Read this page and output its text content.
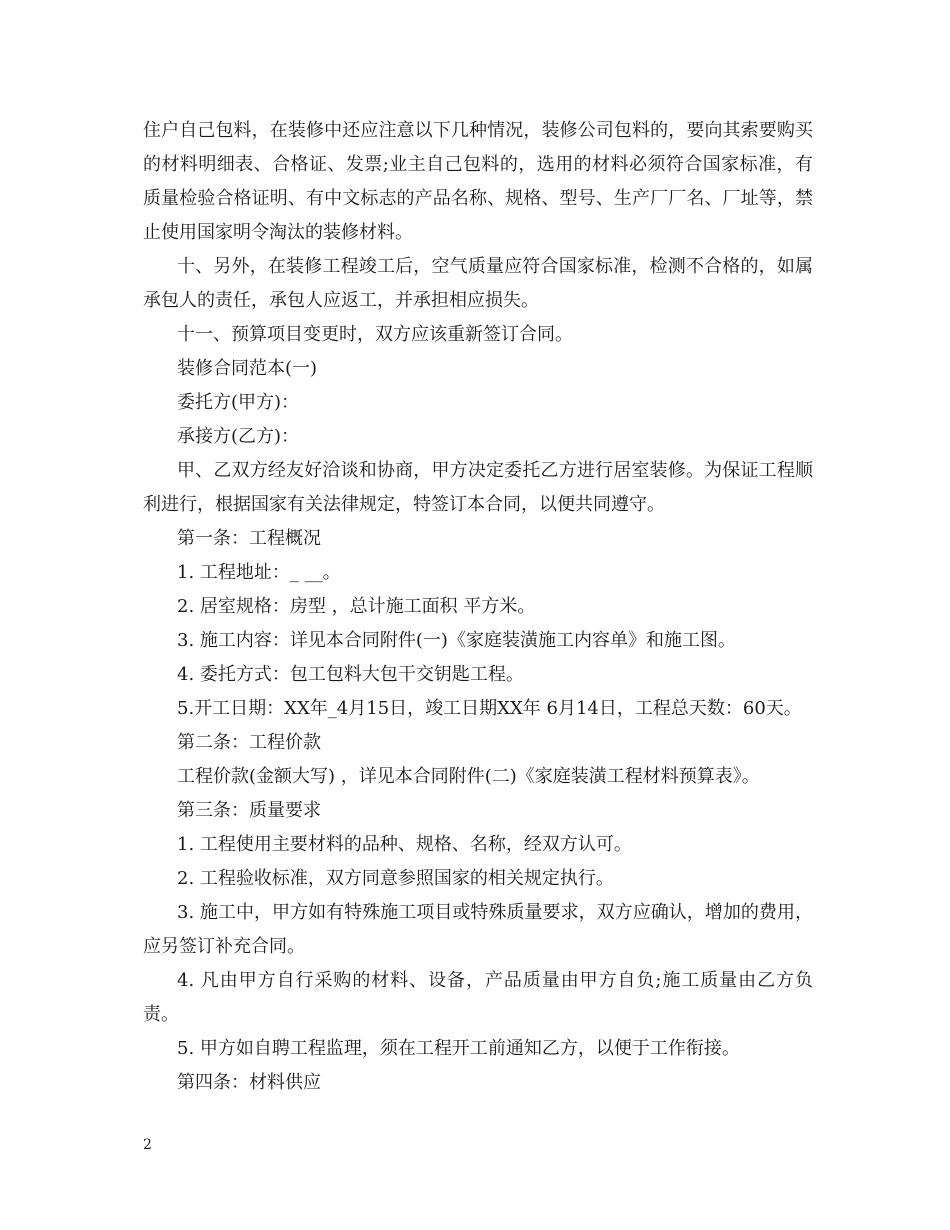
住户自己包料，在装修中还应注意以下几种情况，装修公司包料的，要向其索要购买的材料明细表、合格证、发票;业主自己包料的，选用的材料必须符合国家标准，有质量检验合格证明、有中文标志的产品名称、规格、型号、生产厂厂名、厂址等，禁止使用国家明令淘汰的装修材料。

十、另外，在装修工程竣工后，空气质量应符合国家标准，检测不合格的，如属承包人的责任，承包人应返工，并承担相应损失。

十一、预算项目变更时，双方应该重新签订合同。

装修合同范本(一)

委托方(甲方)：

承接方(乙方)：

甲、乙双方经友好洽谈和协商，甲方决定委托乙方进行居室装修。为保证工程顺利进行，根据国家有关法律规定，特签订本合同，以便共同遵守。

第一条：工程概况

1. 工程地址：_ __。

2. 居室规格：房型 ，总计施工面积 平方米。

3. 施工内容：详见本合同附件(一)《家庭装潢施工内容单》和施工图。

4. 委托方式：包工包料大包干交钥匙工程。

5.开工日期：XX年_4月15日，竣工日期XX年 6月14日，工程总天数：60天。

第二条：工程价款

工程价款(金额大写) ，详见本合同附件(二)《家庭装潢工程材料预算表》。

第三条：质量要求

1. 工程使用主要材料的品种、规格、名称，经双方认可。

2. 工程验收标准，双方同意参照国家的相关规定执行。

3. 施工中，甲方如有特殊施工项目或特殊质量要求，双方应确认，增加的费用，应另签订补充合同。

4. 凡由甲方自行采购的材料、设备，产品质量由甲方自负;施工质量由乙方负责。

5. 甲方如自聘工程监理，须在工程开工前通知乙方，以便于工作衔接。

第四条：材料供应

2
